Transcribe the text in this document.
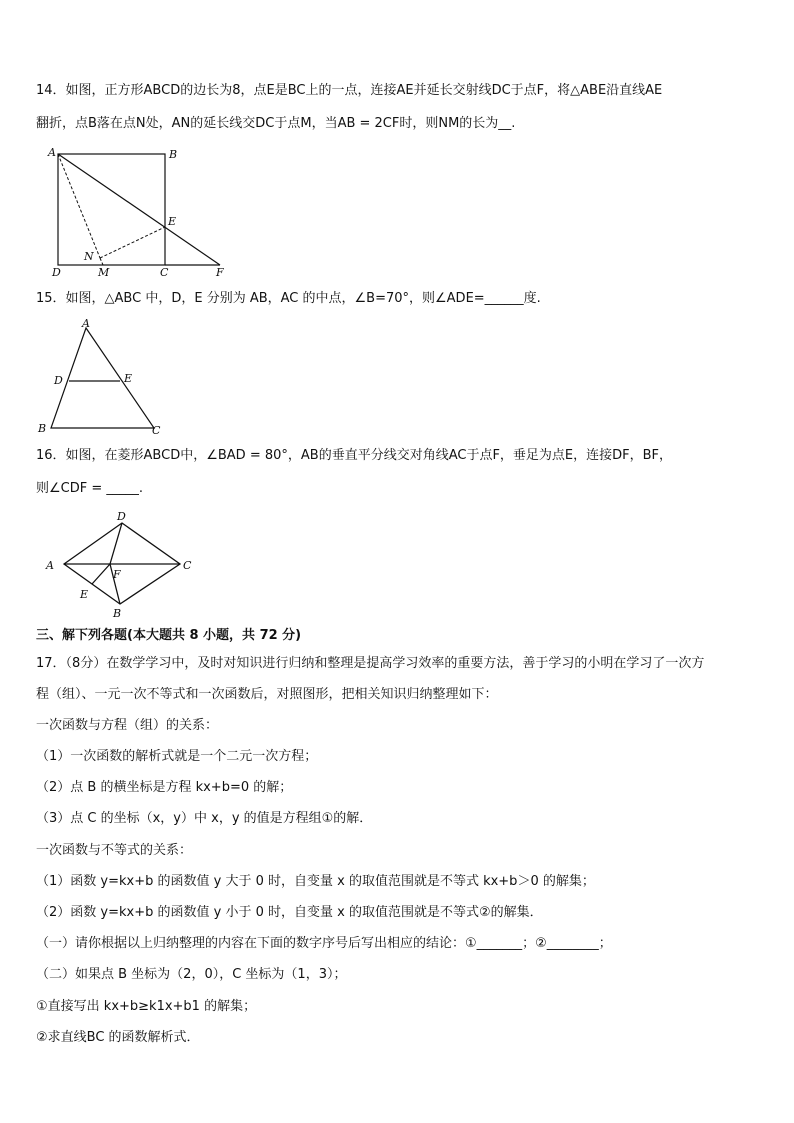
14．如图，正方形ABCD的边长为8，点E是BC上的一点，连接AE并延长交射线DC于点F，将△ABE沿直线AE
翻折，点B落在点N处，AN的延长线交DC于点M，当AB = 2CF时，则NM的长为__.
A	B
E
D	C	F
N
M
15．如图，△ABC 中，D，E 分别为 AB，AC 的中点，∠B=70°，则∠ADE=______度.
A
D	E
B	C
16．如图，在菱形ABCD中，∠BAD = 80°，AB的垂直平分线交对角线AC于点F，垂足为点E，连接DF，BF，
则∠CDF = _____.
D
A	C
F
E
B
三、解下列各题(本大题共 8 小题，共 72 分)
17．（8分）在数学学习中，及时对知识进行归纳和整理是提高学习效率的重要方法，善于学习的小明在学习了一次方
程（组）、一元一次不等式和一次函数后，对照图形，把相关知识归纳整理如下：
一次函数与方程（组）的关系：
（1）一次函数的解析式就是一个二元一次方程；
（2）点 B 的横坐标是方程 kx+b=0 的解；
（3）点 C 的坐标（x，y）中 x，y 的值是方程组①的解．
一次函数与不等式的关系：
（1）函数 y=kx+b 的函数值 y 大于 0 时，自变量 x 的取值范围就是不等式 kx+b＞0 的解集；
（2）函数 y=kx+b 的函数值 y 小于 0 时，自变量 x 的取值范围就是不等式②的解集．
（一）请你根据以上归纳整理的内容在下面的数字序号后写出相应的结论：①_______；②________；
（二）如果点 B 坐标为（2，0），C 坐标为（1，3）；
①直接写出 kx+b≥k1x+b1 的解集；
②求直线BC 的函数解析式．
